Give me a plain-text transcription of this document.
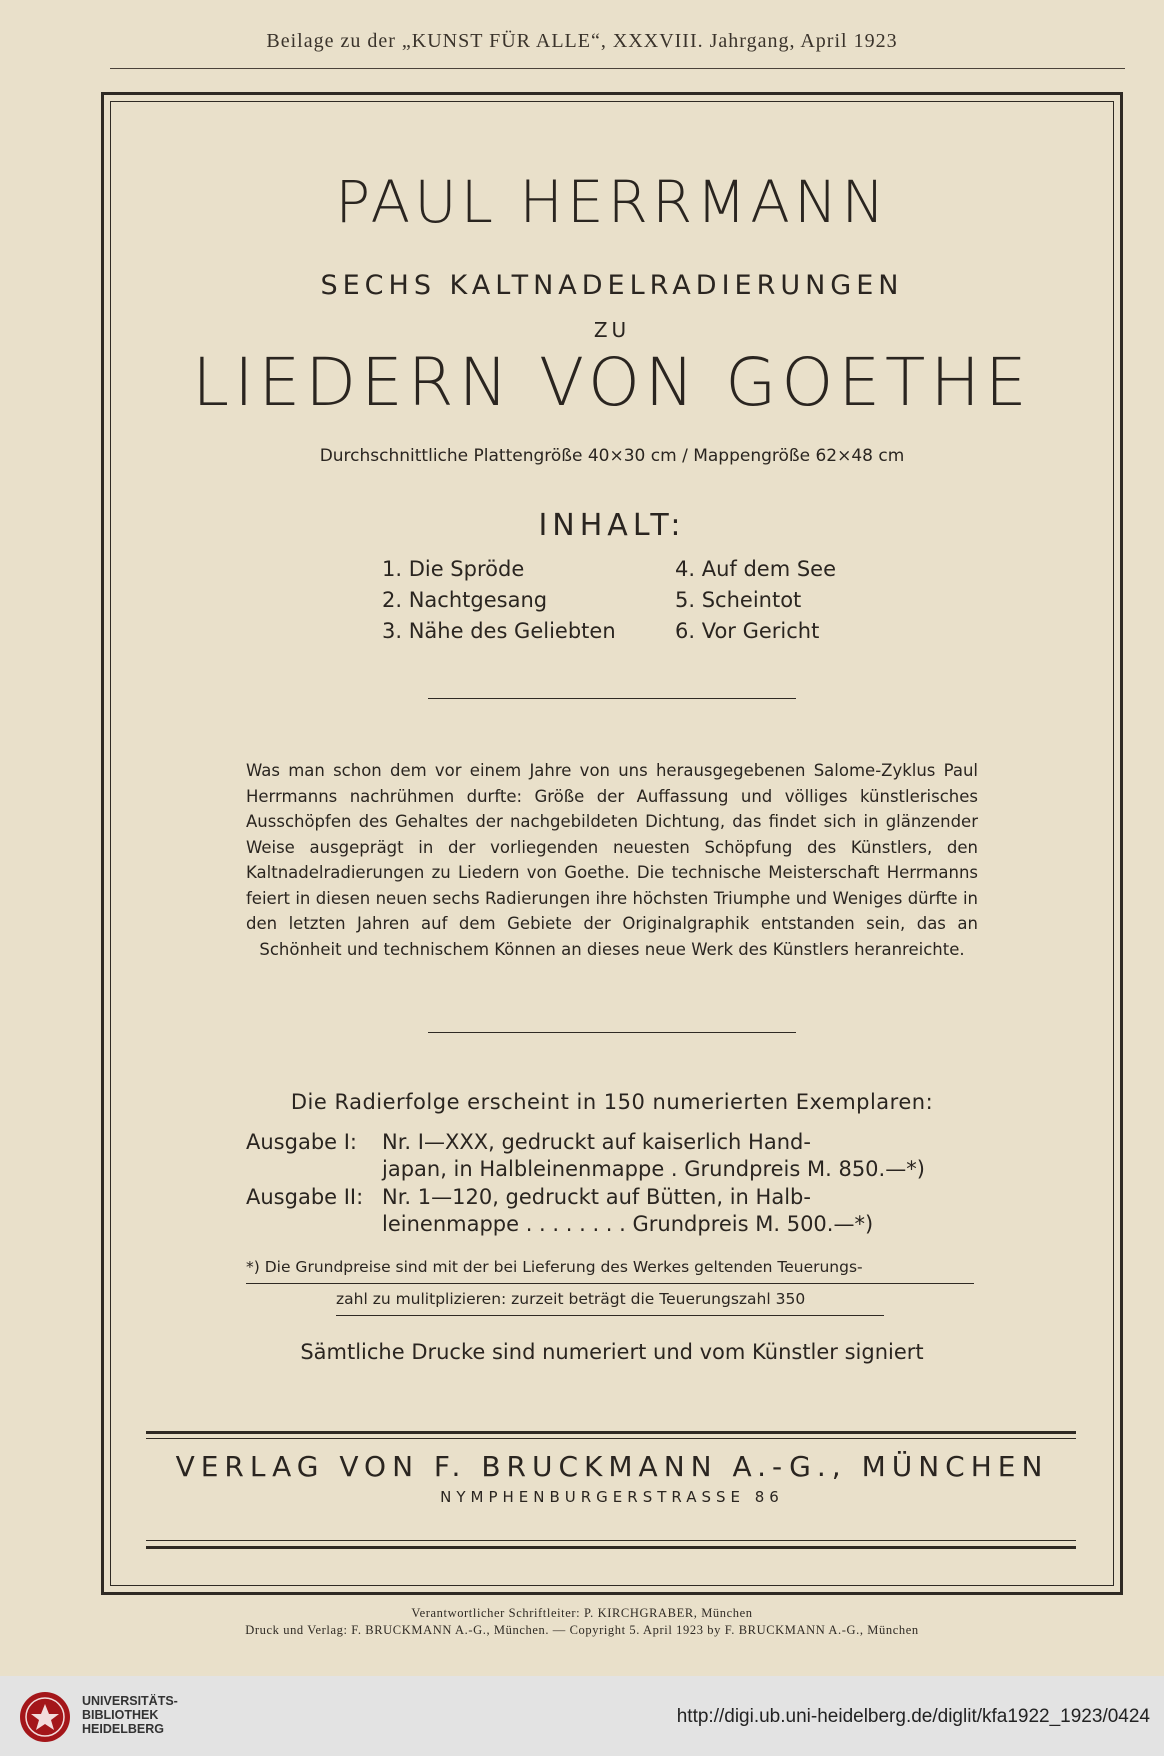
Beilage zu der „KUNST FÜR ALLE“, XXXVIII. Jahrgang, April 1923
PAUL HERRMANN
SECHS KALTNADELRADIERUNGEN
ZU
LIEDERN VON GOETHE
Durchschnittliche Plattengröße 40×30 cm / Mappengröße 62×48 cm
INHALT:
1. Die Spröde
2. Nachtgesang
3. Nähe des Geliebten
4. Auf dem See
5. Scheintot
6. Vor Gericht
Was man schon dem vor einem Jahre von uns herausgegebenen Salome-Zyklus Paul Herrmanns nachrühmen durfte: Größe der Auffassung und völliges künstlerisches Ausschöpfen des Gehaltes der nachgebildeten Dichtung, das findet sich in glänzender Weise ausgeprägt in der vorliegenden neuesten Schöpfung des Künstlers, den Kaltnadelradierungen zu Liedern von Goethe. Die technische Meisterschaft Herrmanns feiert in diesen neuen sechs Radierungen ihre höchsten Triumphe und Weniges dürfte in den letzten Jahren auf dem Gebiete der Originalgraphik entstanden sein, das an Schönheit und technischem Können an dieses neue Werk des Künstlers heranreichte.
Die Radierfolge erscheint in 150 numerierten Exemplaren:
Ausgabe I: Nr. I—XXX, gedruckt auf kaiserlich Hand-
japan, in Halbleinenmappe . Grundpreis M. 850.—*)
Ausgabe II: Nr. 1—120, gedruckt auf Bütten, in Halb-
leinenmappe . . . . . . . . Grundpreis M. 500.—*)
*) Die Grundpreise sind mit der bei Lieferung des Werkes geltenden Teuerungs-
zahl zu mulitplizieren: zurzeit beträgt die Teuerungszahl 350
Sämtliche Drucke sind numeriert und vom Künstler signiert
VERLAG VON F. BRUCKMANN A.-G., MÜNCHEN
NYMPHENBURGERSTRASSE 86
Verantwortlicher Schriftleiter: P. KIRCHGRABER, München
Druck und Verlag: F. BRUCKMANN A.-G., München. — Copyright 5. April 1923 by F. BRUCKMANN A.-G., München
UNIVERSITÄTS-
BIBLIOTHEK
HEIDELBERG
http://digi.ub.uni-heidelberg.de/diglit/kfa1922_1923/0424
